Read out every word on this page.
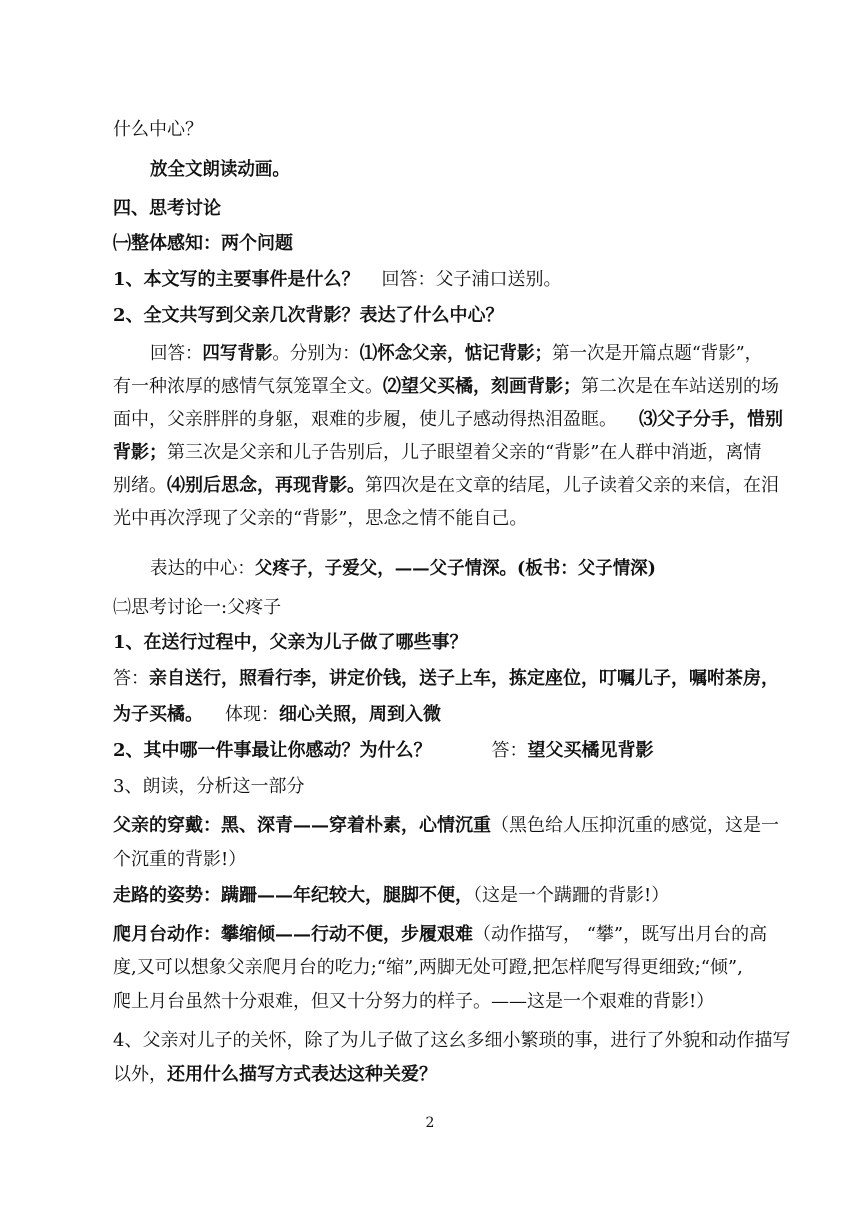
什么中心？
放全文朗读动画。
四、思考讨论
㈠整体感知：两个问题
1、本文写的主要事件是什么？ 回答：父子浦口送别。
2、全文共写到父亲几次背影？表达了什么中心？
回答：四写背影。分别为：⑴怀念父亲，惦记背影；第一次是开篇点题“背影”，
有一种浓厚的感情气氛笼罩全文。⑵望父买橘，刻画背影；第二次是在车站送别的场
面中，父亲胖胖的身躯，艰难的步履，使儿子感动得热泪盈眶。 ⑶父子分手，惜别
背影；第三次是父亲和儿子告别后，儿子眼望着父亲的“背影”在人群中消逝，离情
别绪。⑷别后思念，再现背影。第四次是在文章的结尾，儿子读着父亲的来信，在泪
光中再次浮现了父亲的“背影”，思念之情不能自己。
表达的中心：父疼子，子爱父，——父子情深。(板书：父子情深)
㈡思考讨论一:父疼子
1、在送行过程中，父亲为儿子做了哪些事？
答：亲自送行，照看行李，讲定价钱，送子上车，拣定座位，叮嘱儿子，嘱咐茶房，
为子买橘。 体现：细心关照，周到入微
2、其中哪一件事最让你感动？为什么？	答：望父买橘见背影
3、朗读，分析这一部分
父亲的穿戴：黑、深青——穿着朴素，心情沉重（黑色给人压抑沉重的感觉，这是一
个沉重的背影!）
走路的姿势：蹒跚——年纪较大，腿脚不便，（这是一个蹒跚的背影!）
爬月台动作：攀缩倾——行动不便，步履艰难（动作描写， “攀”，既写出月台的高
度,又可以想象父亲爬月台的吃力;“缩”,两脚无处可蹬,把怎样爬写得更细致;“倾”,
爬上月台虽然十分艰难，但又十分努力的样子。——这是一个艰难的背影!）
4、父亲对儿子的关怀，除了为儿子做了这幺多细小繁琐的事，进行了外貌和动作描写
以外，还用什么描写方式表达这种关爱？
2
